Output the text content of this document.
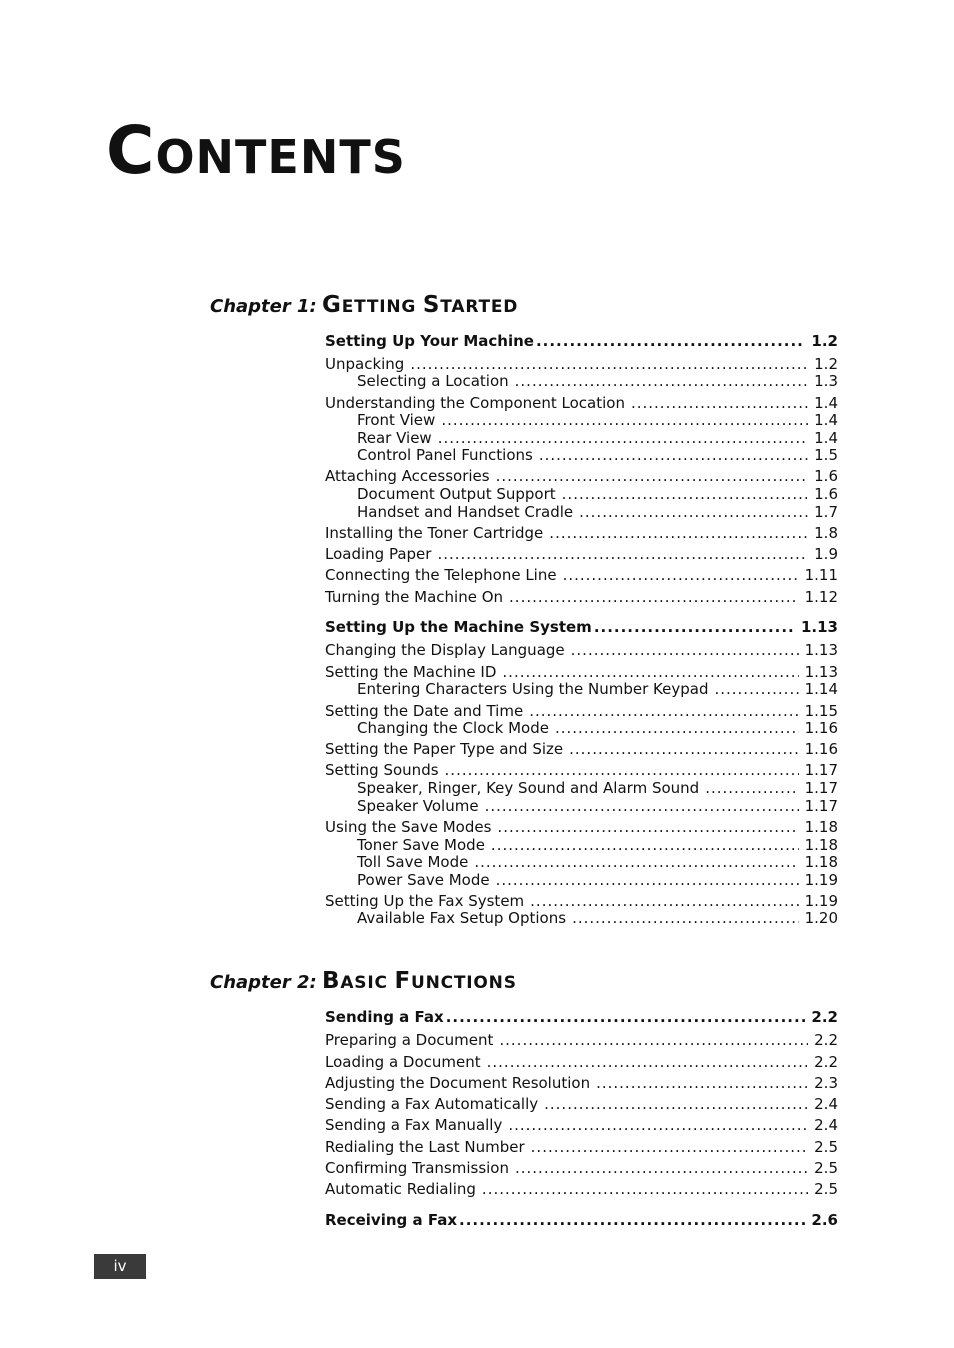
CONTENTS
Chapter 1: GETTING STARTED
Setting Up Your Machine .....	1.2
Unpacking .....	1.2
Selecting a Location .....	1.3
Understanding the Component Location .....	1.4
Front View .....	1.4
Rear View .....	1.4
Control Panel Functions .....	1.5
Attaching Accessories .....	1.6
Document Output Support .....	1.6
Handset and Handset Cradle .....	1.7
Installing the Toner Cartridge .....	1.8
Loading Paper .....	1.9
Connecting the Telephone Line .....	1.11
Turning the Machine On .....	1.12
Setting Up the Machine System .....	1.13
Changing the Display Language .....	1.13
Setting the Machine ID .....	1.13
Entering Characters Using the Number Keypad .....	1.14
Setting the Date and Time .....	1.15
Changing the Clock Mode .....	1.16
Setting the Paper Type and Size .....	1.16
Setting Sounds .....	1.17
Speaker, Ringer, Key Sound and Alarm Sound .....	1.17
Speaker Volume .....	1.17
Using the Save Modes .....	1.18
Toner Save Mode .....	1.18
Toll Save Mode .....	1.18
Power Save Mode .....	1.19
Setting Up the Fax System .....	1.19
Available Fax Setup Options .....	1.20
Chapter 2: BASIC FUNCTIONS
Sending a Fax .....	2.2
Preparing a Document .....	2.2
Loading a Document .....	2.2
Adjusting the Document Resolution .....	2.3
Sending a Fax Automatically .....	2.4
Sending a Fax Manually .....	2.4
Redialing the Last Number .....	2.5
Confirming Transmission .....	2.5
Automatic Redialing .....	2.5
Receiving a Fax .....	2.6
iv
